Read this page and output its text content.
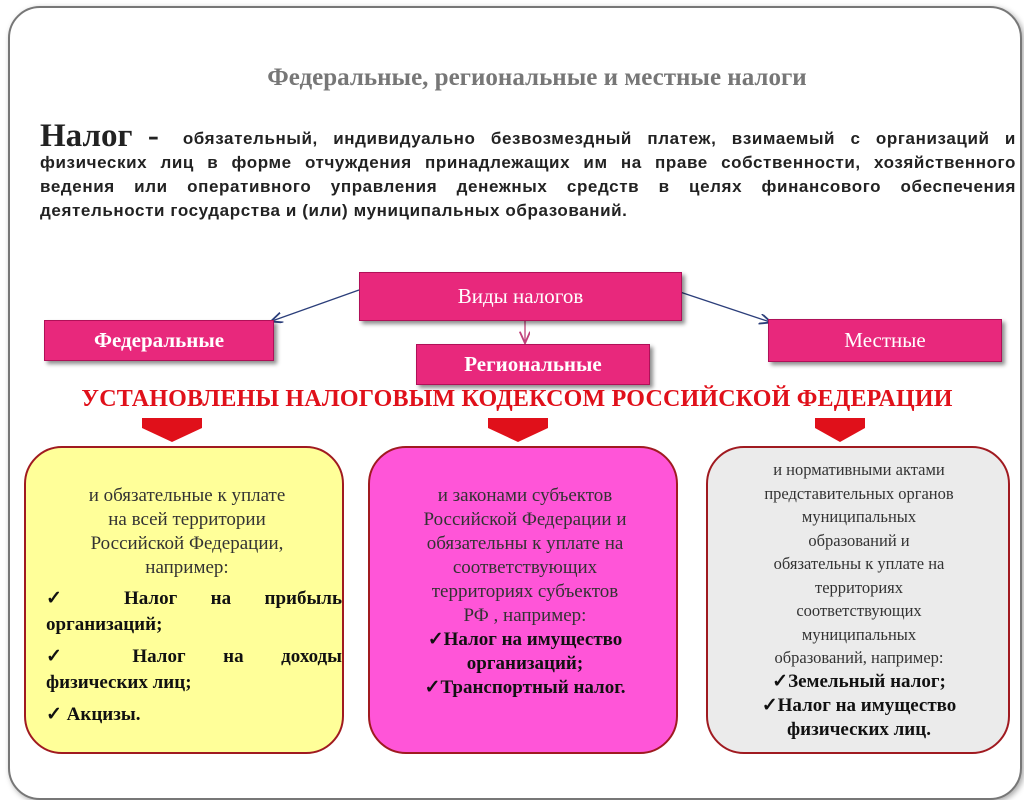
Федеральные, региональные и местные налоги
Налог - обязательный, индивидуально безвозмездный платеж, взимаемый с организаций и физических лиц в форме отчуждения принадлежащих им на праве собственности, хозяйственного ведения или оперативного управления денежных средств в целях финансового обеспечения деятельности государства и (или) муниципальных образований.
Виды налогов
Федеральные
Региональные
Местные
УСТАНОВЛЕНЫ НАЛОГОВЫМ КОДЕКСОМ РОССИЙСКОЙ ФЕДЕРАЦИИ
и обязательные к уплате
на всей территории
Российской Федерации,
например:
✓ Налог на прибыль
организаций;
✓ Налог на доходы
физических лиц;
✓ Акцизы.
и законами субъектов
Российской Федерации и
обязательны к уплате на
соответствующих
территориях субъектов
РФ , например:
✓Налог на имущество
организаций;
✓Транспортный налог.
и нормативными актами
представительных органов
муниципальных
образований и
обязательны к уплате на
территориях
соответствующих
муниципальных
образований, например:
✓Земельный налог;
✓Налог на имущество
физических лиц.
